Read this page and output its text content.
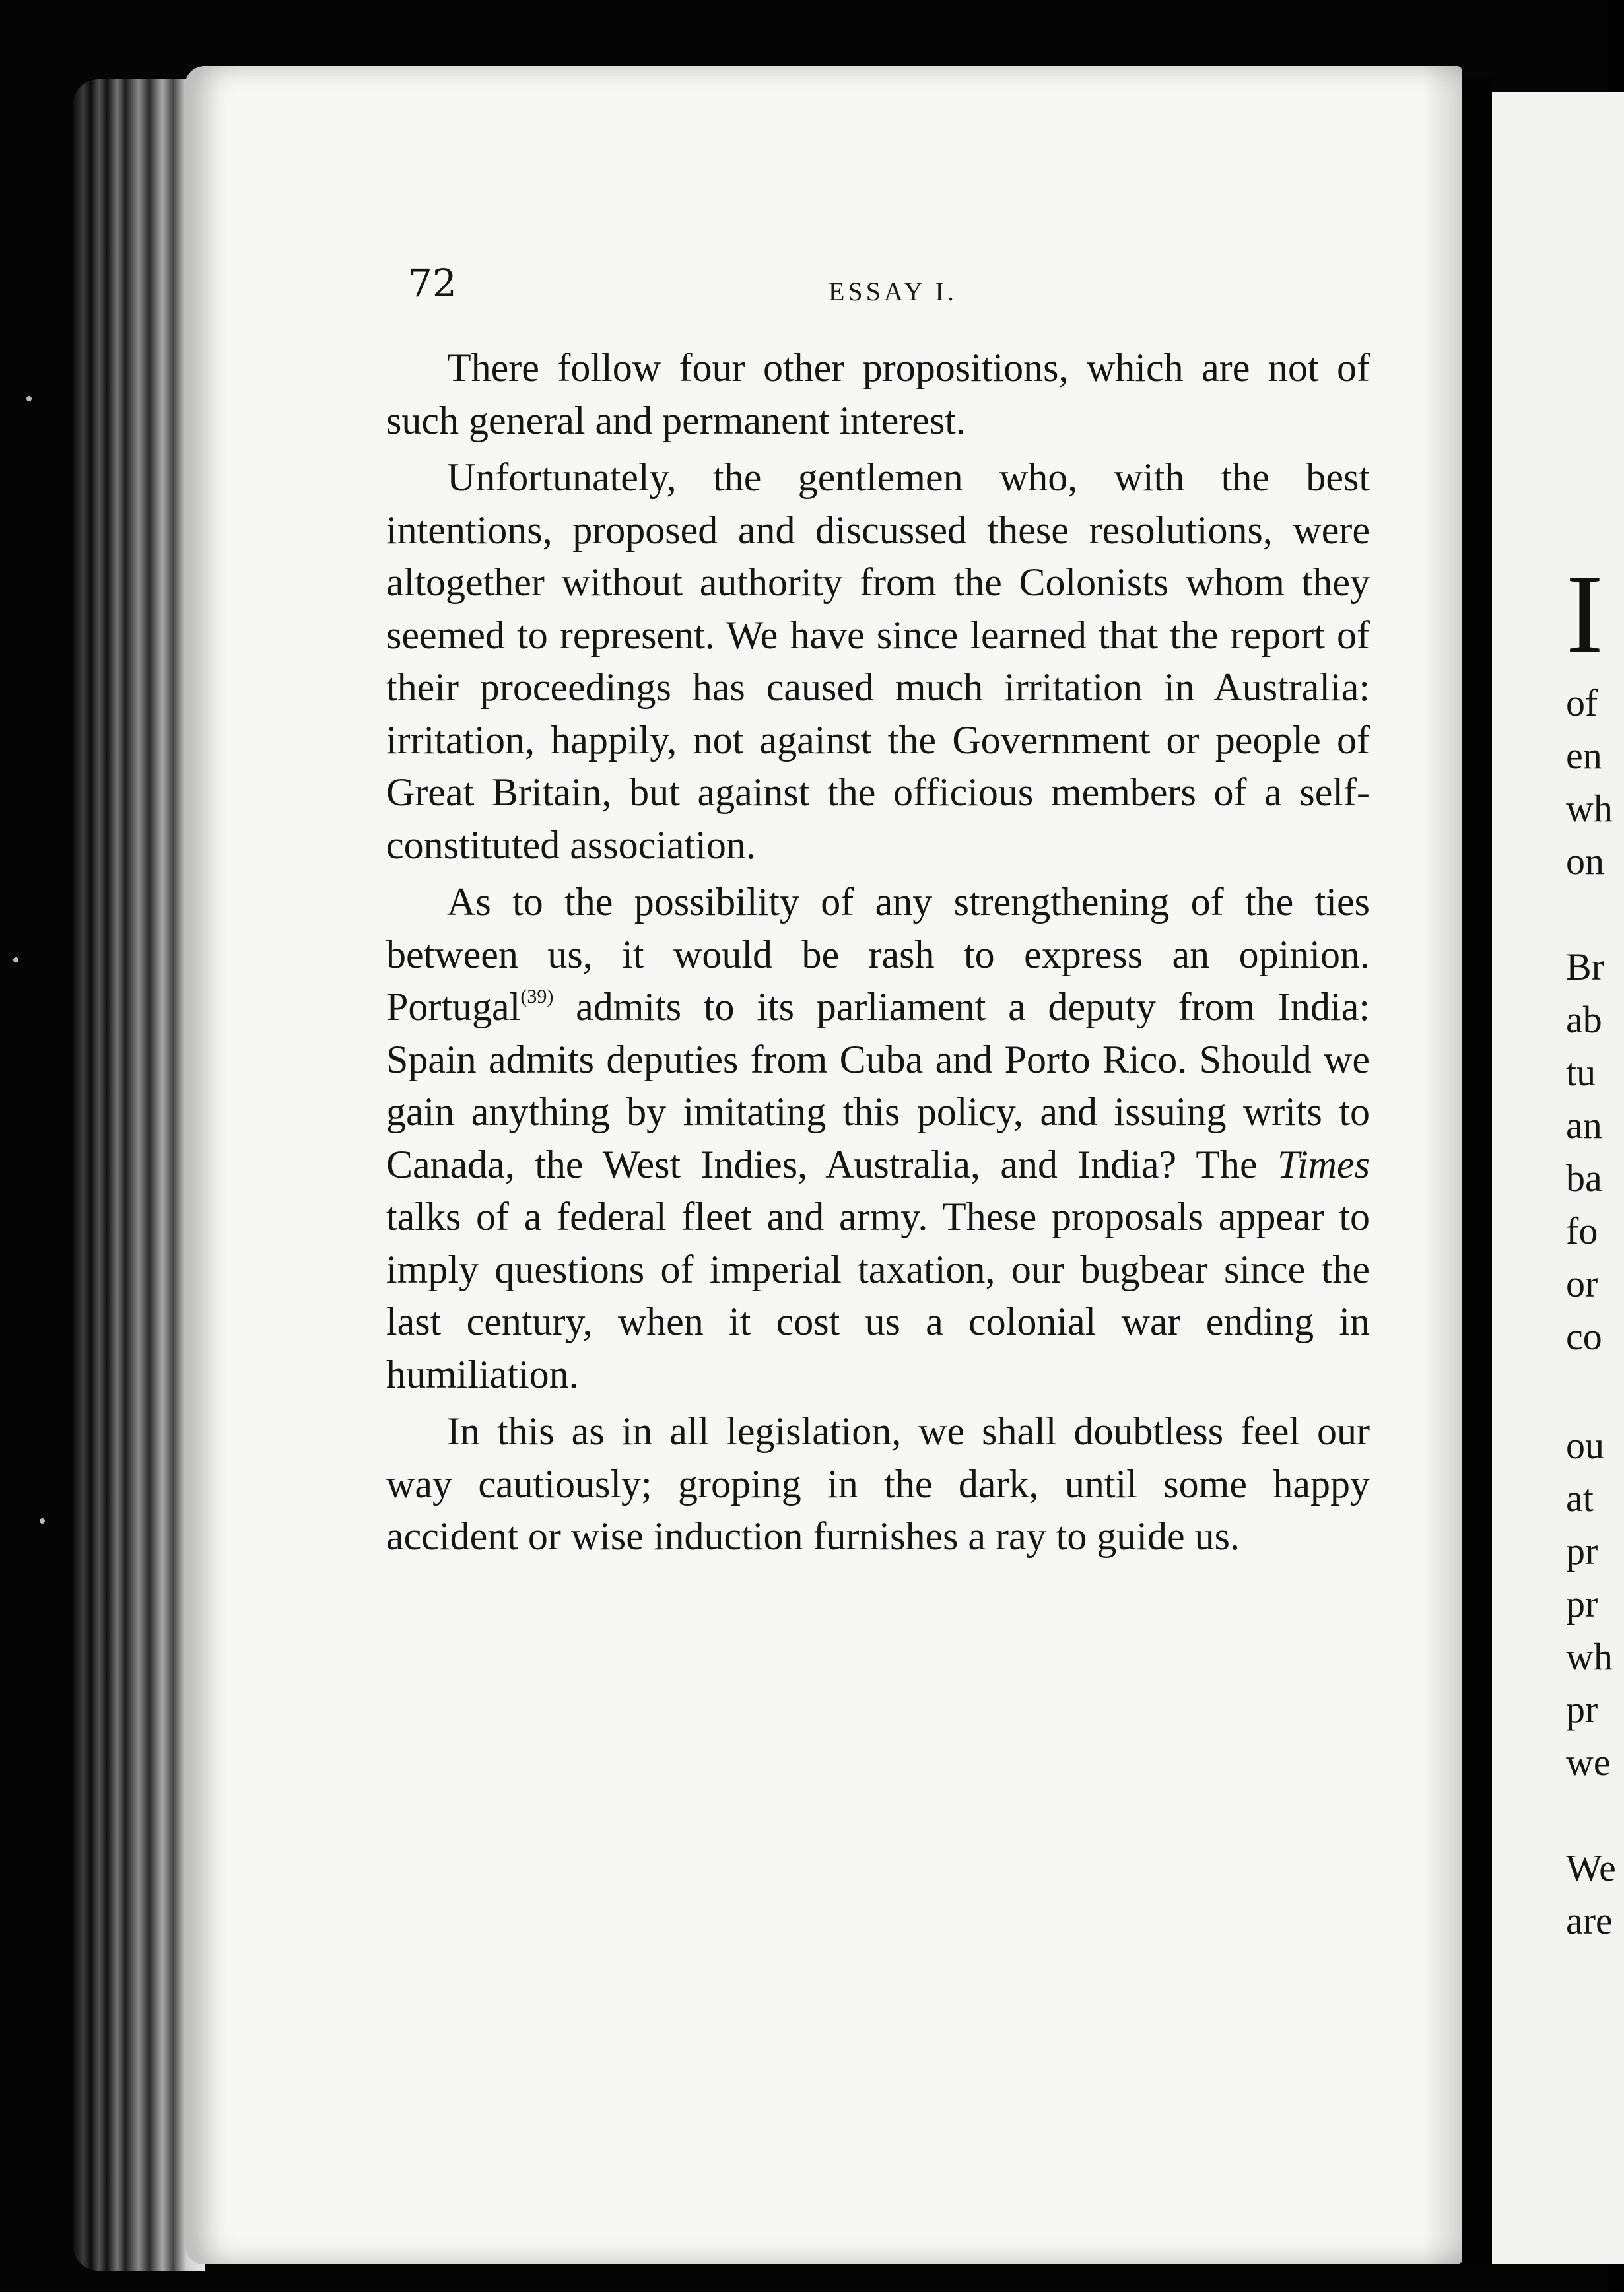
72	ESSAY I.

There follow four other propositions, which are not of such general and permanent interest.

Unfortunately, the gentlemen who, with the best intentions, proposed and discussed these resolutions, were altogether without authority from the Colonists whom they seemed to represent. We have since learned that the report of their proceedings has caused much irritation in Australia: irritation, happily, not against the Government or people of Great Britain, but against the officious members of a self-constituted association.

As to the possibility of any strengthening of the ties between us, it would be rash to express an opinion. Portugal$^{(39)}$ admits to its parliament a deputy from India: Spain admits deputies from Cuba and Porto Rico. Should we gain anything by imitating this policy, and issuing writs to Canada, the West Indies, Australia, and India? The Times talks of a federal fleet and army. These proposals appear to imply questions of imperial taxation, our bugbear since the last century, when it cost us a colonial war ending in humiliation.

In this as in all legislation, we shall doubtless feel our way cautiously; groping in the dark, until some happy accident or wise induction furnishes a ray to guide us.

I
of
en
wh
on
Br
ab
tu
an
ba
fo
or
co
ou
at
pr
pr
wh
pr
we
We
are
